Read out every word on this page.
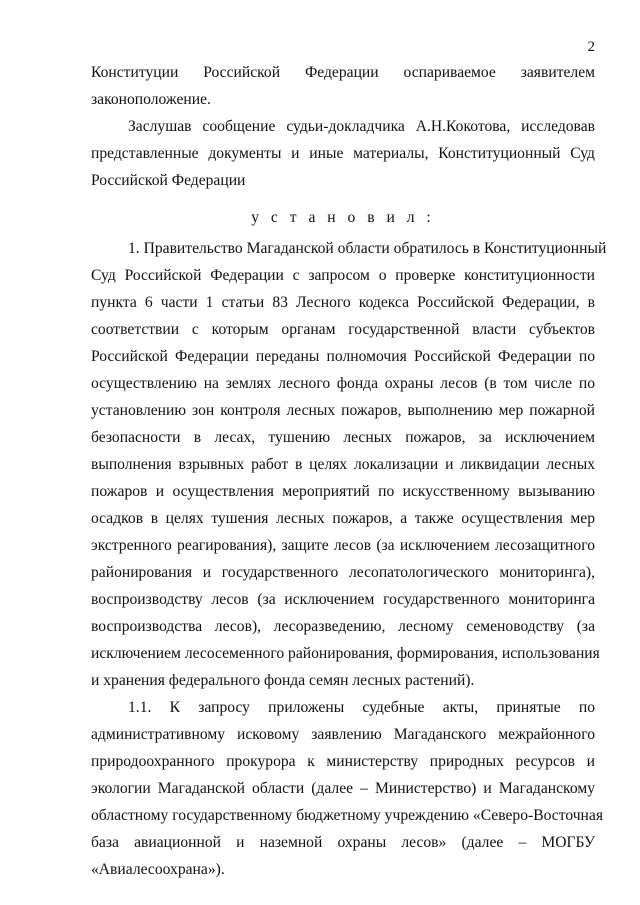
2
Конституции Российской Федерации оспариваемое заявителем
законоположение.
Заслушав сообщение судьи-докладчика А.Н.Кокотова, исследовав
представленные документы и иные материалы, Конституционный Суд
Российской Федерации
у с т а н о в и л :
1. Правительство Магаданской области обратилось в Конституционный
Суд Российской Федерации с запросом о проверке конституционности
пункта 6 части 1 статьи 83 Лесного кодекса Российской Федерации, в
соответствии с которым органам государственной власти субъектов
Российской Федерации переданы полномочия Российской Федерации по
осуществлению на землях лесного фонда охраны лесов (в том числе по
установлению зон контроля лесных пожаров, выполнению мер пожарной
безопасности в лесах, тушению лесных пожаров, за исключением
выполнения взрывных работ в целях локализации и ликвидации лесных
пожаров и осуществления мероприятий по искусственному вызыванию
осадков в целях тушения лесных пожаров, а также осуществления мер
экстренного реагирования), защите лесов (за исключением лесозащитного
районирования и государственного лесопатологического мониторинга),
воспроизводству лесов (за исключением государственного мониторинга
воспроизводства лесов), лесоразведению, лесному семеноводству (за
исключением лесосеменного районирования, формирования, использования
и хранения федерального фонда семян лесных растений).
1.1. К запросу приложены судебные акты, принятые по
административному исковому заявлению Магаданского межрайонного
природоохранного прокурора к министерству природных ресурсов и
экологии Магаданской области (далее – Министерство) и Магаданскому
областному государственному бюджетному учреждению «Северо-Восточная
база авиационной и наземной охраны лесов» (далее – МОГБУ
«Авиалесоохрана»).
